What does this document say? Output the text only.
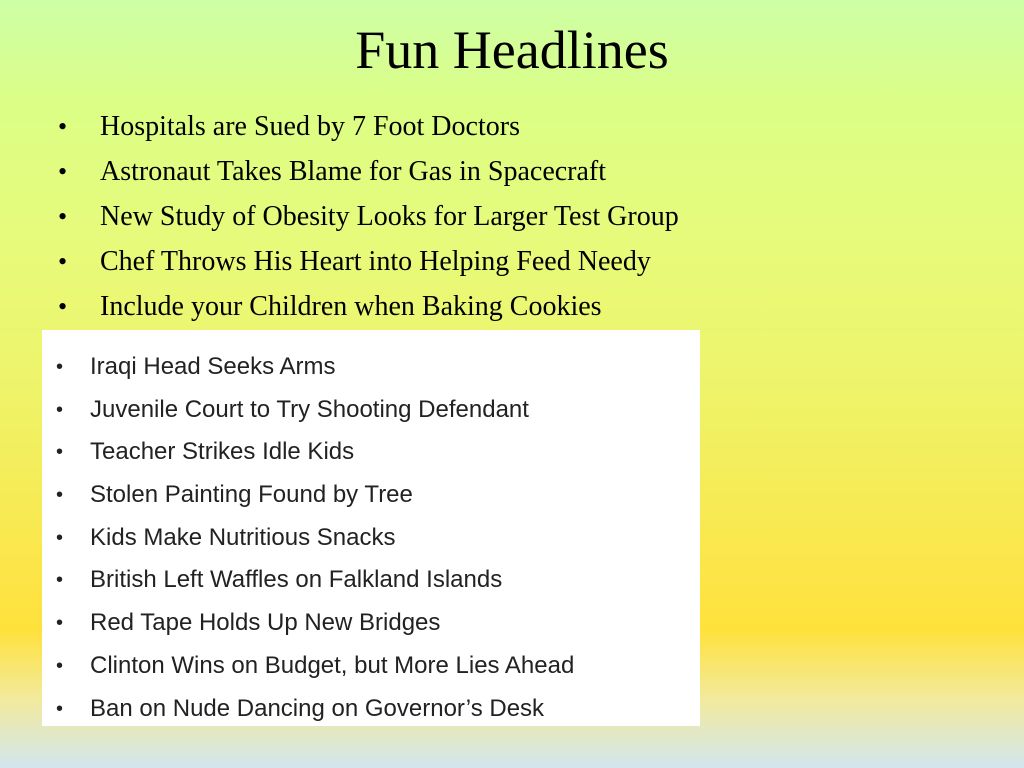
Fun Headlines
•	Hospitals are Sued by 7 Foot Doctors
•	Astronaut Takes Blame for Gas in Spacecraft
•	New Study of Obesity Looks for Larger Test Group
•	Chef Throws His Heart into Helping Feed Needy
•	Include your Children when Baking Cookies
•	Iraqi Head Seeks Arms
•	Juvenile Court to Try Shooting Defendant
•	Teacher Strikes Idle Kids
•	Stolen Painting Found by Tree
•	Kids Make Nutritious Snacks
•	British Left Waffles on Falkland Islands
•	Red Tape Holds Up New Bridges
•	Clinton Wins on Budget, but More Lies Ahead
•	Ban on Nude Dancing on Governor’s Desk
